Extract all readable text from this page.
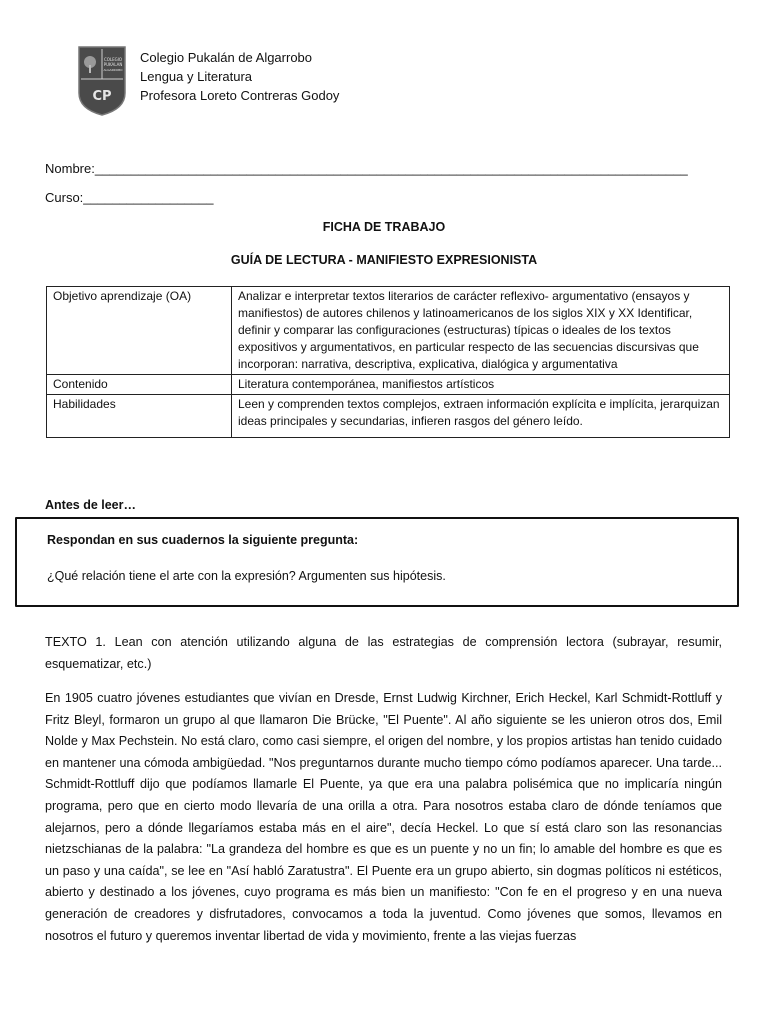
COLEGIO
PUKALAN
ALGARROBO
CP
Colegio Pukalán de Algarrobo
Lengua y Literatura
Profesora Loreto Contreras Godoy
Nombre:__________________________________________________________________________________
Curso:__________________
FICHA DE TRABAJO
GUÍA DE LECTURA - MANIFIESTO EXPRESIONISTA
Objetivo aprendizaje (OA)	Analizar e interpretar textos literarios de carácter reflexivo- argumentativo (ensayos y manifiestos) de autores chilenos y latinoamericanos de los siglos XIX y XX Identificar, definir y comparar las configuraciones (estructuras) típicas o ideales de los textos expositivos y argumentativos, en particular respecto de las secuencias discursivas que incorporan: narrativa, descriptiva, explicativa, dialógica y argumentativa
Contenido	Literatura contemporánea, manifiestos artísticos
Habilidades	Leen y comprenden textos complejos, extraen información explícita e implícita, jerarquizan ideas principales y secundarias, infieren rasgos del género leído.
Antes de leer…
Respondan en sus cuadernos la siguiente pregunta:
¿Qué relación tiene el arte con la expresión? Argumenten sus hipótesis.
TEXTO 1. Lean con atención utilizando alguna de las estrategias de comprensión lectora (subrayar, resumir, esquematizar, etc.)
En 1905 cuatro jóvenes estudiantes que vivían en Dresde, Ernst Ludwig Kirchner, Erich Heckel, Karl Schmidt-Rottluff y Fritz Bleyl, formaron un grupo al que llamaron Die Brücke, "El Puente". Al año siguiente se les unieron otros dos, Emil Nolde y Max Pechstein. No está claro, como casi siempre, el origen del nombre, y los propios artistas han tenido cuidado en mantener una cómoda ambigüedad. "Nos preguntarnos durante mucho tiempo cómo podíamos aparecer. Una tarde... Schmidt-Rottluff dijo que podíamos llamarle El Puente, ya que era una palabra polisémica que no implicaría ningún programa, pero que en cierto modo llevaría de una orilla a otra. Para nosotros estaba claro de dónde teníamos que alejarnos, pero a dónde llegaríamos estaba más en el aire", decía Heckel. Lo que sí está claro son las resonancias nietzschianas de la palabra: "La grandeza del hombre es que es un puente y no un fin; lo amable del hombre es que es un paso y una caída", se lee en "Así habló Zaratustra". El Puente era un grupo abierto, sin dogmas políticos ni estéticos, abierto y destinado a los jóvenes, cuyo programa es más bien un manifiesto: "Con fe en el progreso y en una nueva generación de creadores y disfrutadores, convocamos a toda la juventud. Como jóvenes que somos, llevamos en nosotros el futuro y queremos inventar libertad de vida y movimiento, frente a las viejas fuerzas
